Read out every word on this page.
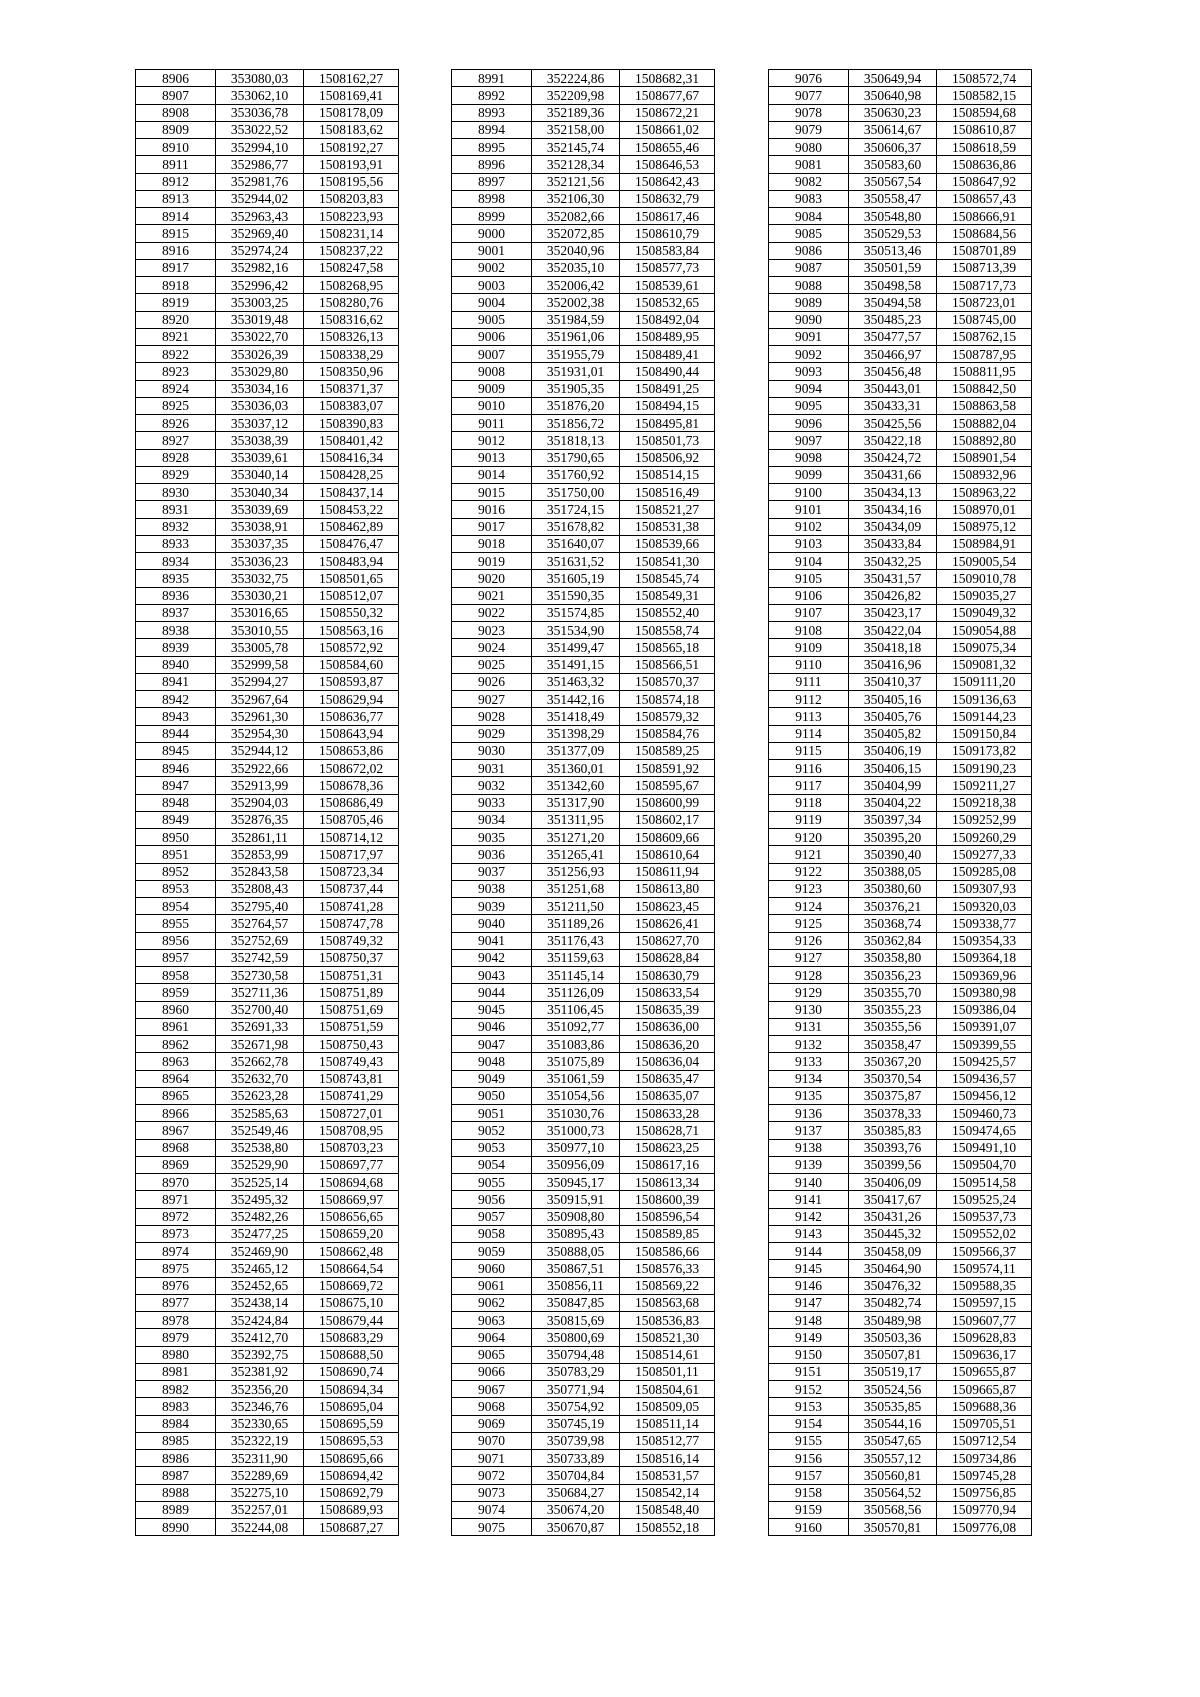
8906	353080,03	1508162,27
8907	353062,10	1508169,41
8908	353036,78	1508178,09
8909	353022,52	1508183,62
8910	352994,10	1508192,27
8911	352986,77	1508193,91
8912	352981,76	1508195,56
8913	352944,02	1508203,83
8914	352963,43	1508223,93
8915	352969,40	1508231,14
8916	352974,24	1508237,22
8917	352982,16	1508247,58
8918	352996,42	1508268,95
8919	353003,25	1508280,76
8920	353019,48	1508316,62
8921	353022,70	1508326,13
8922	353026,39	1508338,29
8923	353029,80	1508350,96
8924	353034,16	1508371,37
8925	353036,03	1508383,07
8926	353037,12	1508390,83
8927	353038,39	1508401,42
8928	353039,61	1508416,34
8929	353040,14	1508428,25
8930	353040,34	1508437,14
8931	353039,69	1508453,22
8932	353038,91	1508462,89
8933	353037,35	1508476,47
8934	353036,23	1508483,94
8935	353032,75	1508501,65
8936	353030,21	1508512,07
8937	353016,65	1508550,32
8938	353010,55	1508563,16
8939	353005,78	1508572,92
8940	352999,58	1508584,60
8941	352994,27	1508593,87
8942	352967,64	1508629,94
8943	352961,30	1508636,77
8944	352954,30	1508643,94
8945	352944,12	1508653,86
8946	352922,66	1508672,02
8947	352913,99	1508678,36
8948	352904,03	1508686,49
8949	352876,35	1508705,46
8950	352861,11	1508714,12
8951	352853,99	1508717,97
8952	352843,58	1508723,34
8953	352808,43	1508737,44
8954	352795,40	1508741,28
8955	352764,57	1508747,78
8956	352752,69	1508749,32
8957	352742,59	1508750,37
8958	352730,58	1508751,31
8959	352711,36	1508751,89
8960	352700,40	1508751,69
8961	352691,33	1508751,59
8962	352671,98	1508750,43
8963	352662,78	1508749,43
8964	352632,70	1508743,81
8965	352623,28	1508741,29
8966	352585,63	1508727,01
8967	352549,46	1508708,95
8968	352538,80	1508703,23
8969	352529,90	1508697,77
8970	352525,14	1508694,68
8971	352495,32	1508669,97
8972	352482,26	1508656,65
8973	352477,25	1508659,20
8974	352469,90	1508662,48
8975	352465,12	1508664,54
8976	352452,65	1508669,72
8977	352438,14	1508675,10
8978	352424,84	1508679,44
8979	352412,70	1508683,29
8980	352392,75	1508688,50
8981	352381,92	1508690,74
8982	352356,20	1508694,34
8983	352346,76	1508695,04
8984	352330,65	1508695,59
8985	352322,19	1508695,53
8986	352311,90	1508695,66
8987	352289,69	1508694,42
8988	352275,10	1508692,79
8989	352257,01	1508689,93
8990	352244,08	1508687,27
8991	352224,86	1508682,31
8992	352209,98	1508677,67
8993	352189,36	1508672,21
8994	352158,00	1508661,02
8995	352145,74	1508655,46
8996	352128,34	1508646,53
8997	352121,56	1508642,43
8998	352106,30	1508632,79
8999	352082,66	1508617,46
9000	352072,85	1508610,79
9001	352040,96	1508583,84
9002	352035,10	1508577,73
9003	352006,42	1508539,61
9004	352002,38	1508532,65
9005	351984,59	1508492,04
9006	351961,06	1508489,95
9007	351955,79	1508489,41
9008	351931,01	1508490,44
9009	351905,35	1508491,25
9010	351876,20	1508494,15
9011	351856,72	1508495,81
9012	351818,13	1508501,73
9013	351790,65	1508506,92
9014	351760,92	1508514,15
9015	351750,00	1508516,49
9016	351724,15	1508521,27
9017	351678,82	1508531,38
9018	351640,07	1508539,66
9019	351631,52	1508541,30
9020	351605,19	1508545,74
9021	351590,35	1508549,31
9022	351574,85	1508552,40
9023	351534,90	1508558,74
9024	351499,47	1508565,18
9025	351491,15	1508566,51
9026	351463,32	1508570,37
9027	351442,16	1508574,18
9028	351418,49	1508579,32
9029	351398,29	1508584,76
9030	351377,09	1508589,25
9031	351360,01	1508591,92
9032	351342,60	1508595,67
9033	351317,90	1508600,99
9034	351311,95	1508602,17
9035	351271,20	1508609,66
9036	351265,41	1508610,64
9037	351256,93	1508611,94
9038	351251,68	1508613,80
9039	351211,50	1508623,45
9040	351189,26	1508626,41
9041	351176,43	1508627,70
9042	351159,63	1508628,84
9043	351145,14	1508630,79
9044	351126,09	1508633,54
9045	351106,45	1508635,39
9046	351092,77	1508636,00
9047	351083,86	1508636,20
9048	351075,89	1508636,04
9049	351061,59	1508635,47
9050	351054,56	1508635,07
9051	351030,76	1508633,28
9052	351000,73	1508628,71
9053	350977,10	1508623,25
9054	350956,09	1508617,16
9055	350945,17	1508613,34
9056	350915,91	1508600,39
9057	350908,80	1508596,54
9058	350895,43	1508589,85
9059	350888,05	1508586,66
9060	350867,51	1508576,33
9061	350856,11	1508569,22
9062	350847,85	1508563,68
9063	350815,69	1508536,83
9064	350800,69	1508521,30
9065	350794,48	1508514,61
9066	350783,29	1508501,11
9067	350771,94	1508504,61
9068	350754,92	1508509,05
9069	350745,19	1508511,14
9070	350739,98	1508512,77
9071	350733,89	1508516,14
9072	350704,84	1508531,57
9073	350684,27	1508542,14
9074	350674,20	1508548,40
9075	350670,87	1508552,18
9076	350649,94	1508572,74
9077	350640,98	1508582,15
9078	350630,23	1508594,68
9079	350614,67	1508610,87
9080	350606,37	1508618,59
9081	350583,60	1508636,86
9082	350567,54	1508647,92
9083	350558,47	1508657,43
9084	350548,80	1508666,91
9085	350529,53	1508684,56
9086	350513,46	1508701,89
9087	350501,59	1508713,39
9088	350498,58	1508717,73
9089	350494,58	1508723,01
9090	350485,23	1508745,00
9091	350477,57	1508762,15
9092	350466,97	1508787,95
9093	350456,48	1508811,95
9094	350443,01	1508842,50
9095	350433,31	1508863,58
9096	350425,56	1508882,04
9097	350422,18	1508892,80
9098	350424,72	1508901,54
9099	350431,66	1508932,96
9100	350434,13	1508963,22
9101	350434,16	1508970,01
9102	350434,09	1508975,12
9103	350433,84	1508984,91
9104	350432,25	1509005,54
9105	350431,57	1509010,78
9106	350426,82	1509035,27
9107	350423,17	1509049,32
9108	350422,04	1509054,88
9109	350418,18	1509075,34
9110	350416,96	1509081,32
9111	350410,37	1509111,20
9112	350405,16	1509136,63
9113	350405,76	1509144,23
9114	350405,82	1509150,84
9115	350406,19	1509173,82
9116	350406,15	1509190,23
9117	350404,99	1509211,27
9118	350404,22	1509218,38
9119	350397,34	1509252,99
9120	350395,20	1509260,29
9121	350390,40	1509277,33
9122	350388,05	1509285,08
9123	350380,60	1509307,93
9124	350376,21	1509320,03
9125	350368,74	1509338,77
9126	350362,84	1509354,33
9127	350358,80	1509364,18
9128	350356,23	1509369,96
9129	350355,70	1509380,98
9130	350355,23	1509386,04
9131	350355,56	1509391,07
9132	350358,47	1509399,55
9133	350367,20	1509425,57
9134	350370,54	1509436,57
9135	350375,87	1509456,12
9136	350378,33	1509460,73
9137	350385,83	1509474,65
9138	350393,76	1509491,10
9139	350399,56	1509504,70
9140	350406,09	1509514,58
9141	350417,67	1509525,24
9142	350431,26	1509537,73
9143	350445,32	1509552,02
9144	350458,09	1509566,37
9145	350464,90	1509574,11
9146	350476,32	1509588,35
9147	350482,74	1509597,15
9148	350489,98	1509607,77
9149	350503,36	1509628,83
9150	350507,81	1509636,17
9151	350519,17	1509655,87
9152	350524,56	1509665,87
9153	350535,85	1509688,36
9154	350544,16	1509705,51
9155	350547,65	1509712,54
9156	350557,12	1509734,86
9157	350560,81	1509745,28
9158	350564,52	1509756,85
9159	350568,56	1509770,94
9160	350570,81	1509776,08
